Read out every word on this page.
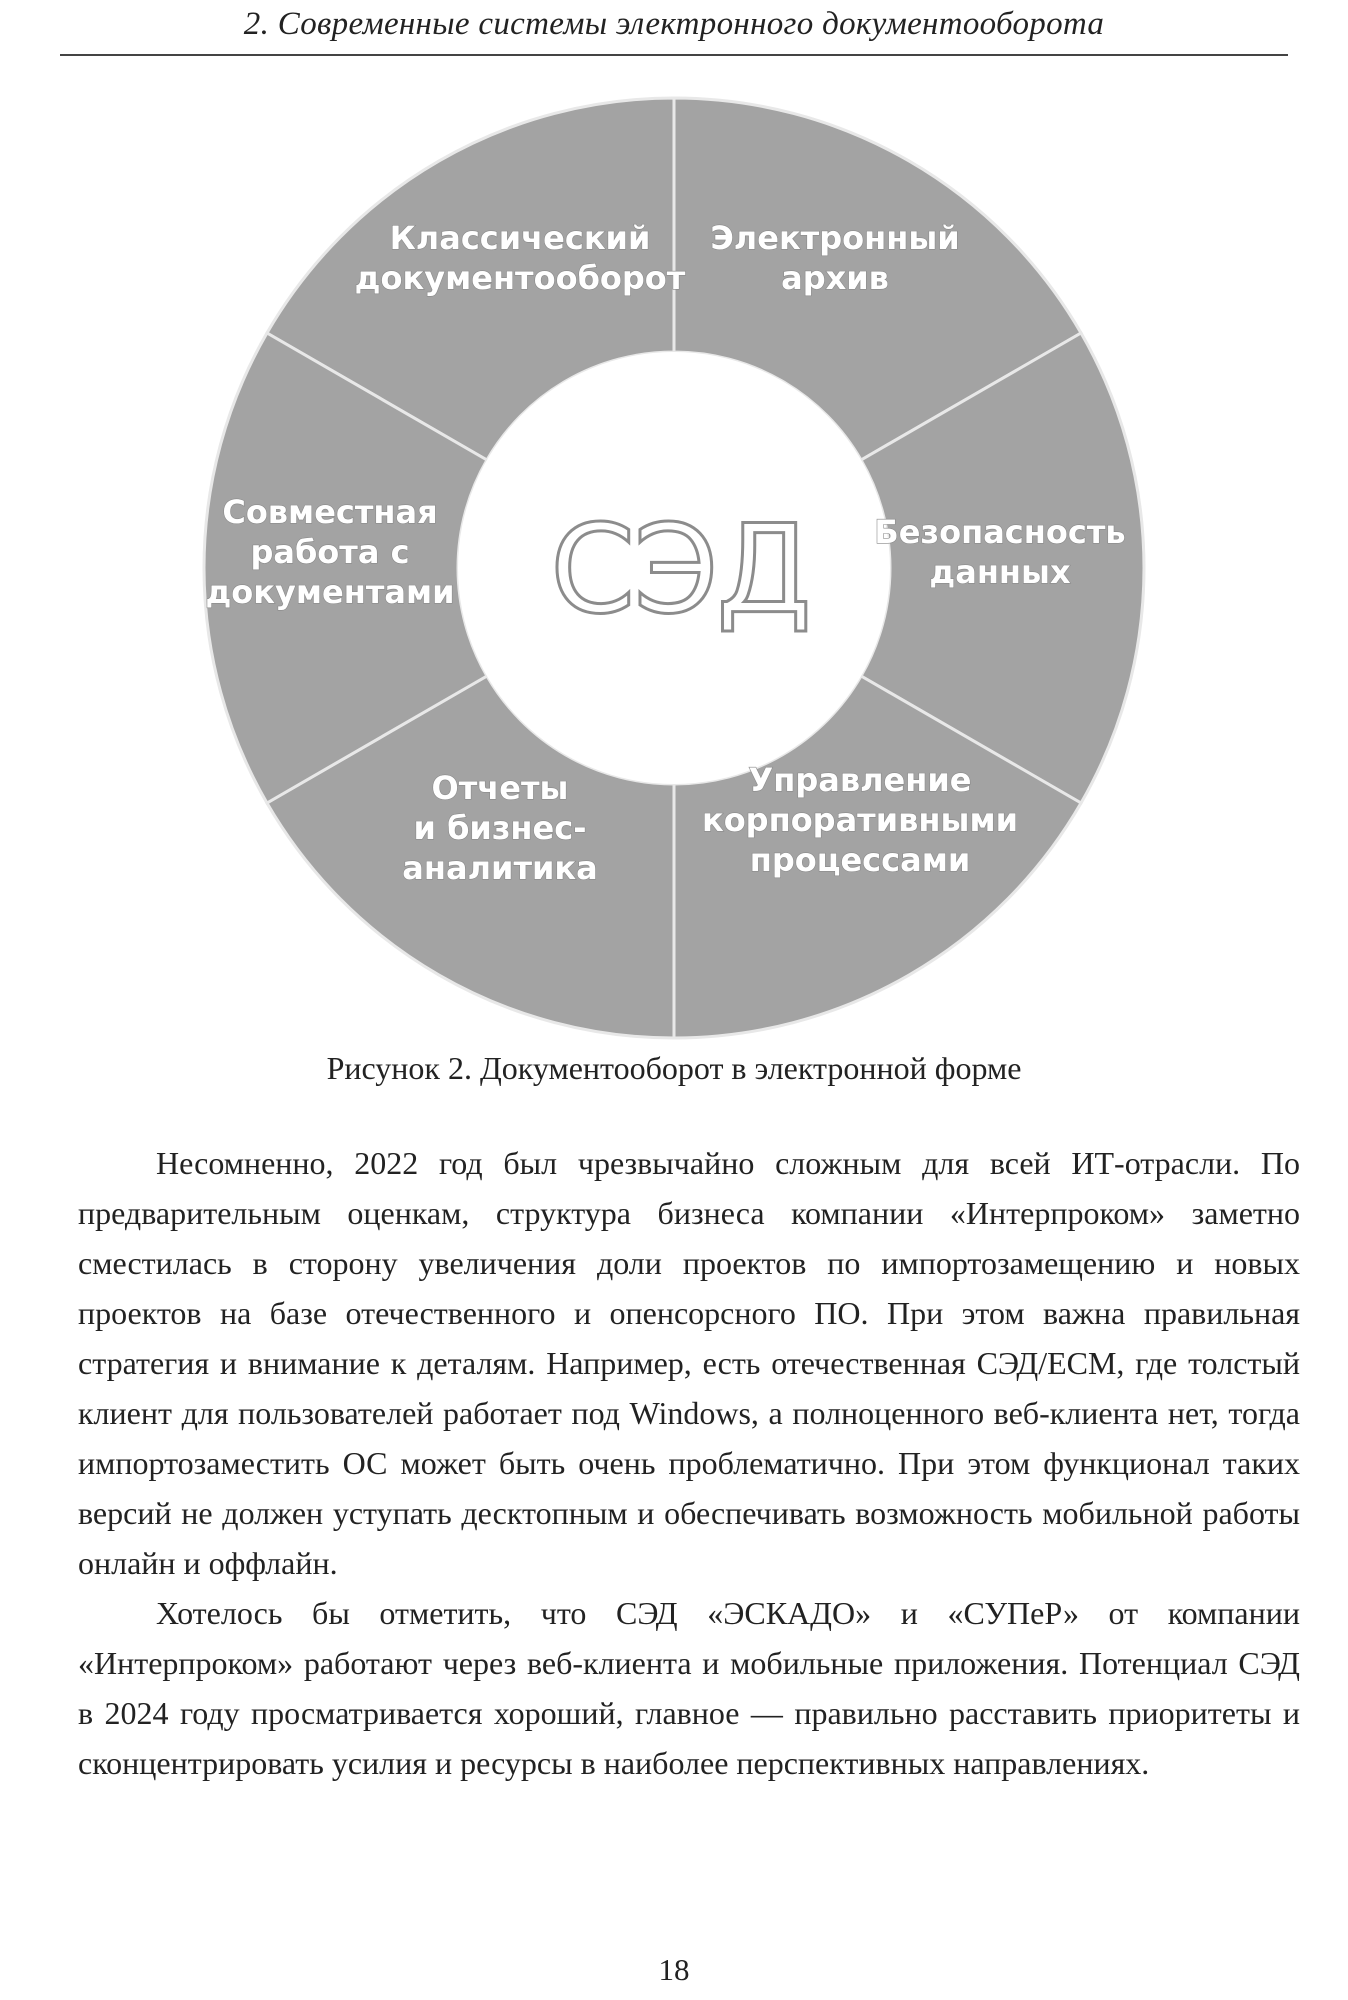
2. Современные системы электронного документооборота
СЭД
Классический документооборот
Электронный архив
Безопасность данных
Управление корпоративными процессами
Отчеты и бизнес-аналитика
Совместная работа с документами
Рисунок 2. Документооборот в электронной форме

Несомненно, 2022 год был чрезвычайно сложным для всей ИТ-отрасли. По предварительным оценкам, структура бизнеса компании «Интерпроком» заметно сместилась в сторону увеличения доли проектов по импортозамещению и новых проектов на базе отечественного и опенсорсного ПО. При этом важна правильная стратегия и внимание к деталям. Например, есть отечественная СЭД/ЕСМ, где толстый клиент для пользователей работает под Windows, а полноценного веб-клиента нет, тогда импортозаместить ОС может быть очень проблематично. При этом функционал таких версий не должен уступать десктопным и обеспечивать возможность мобильной работы онлайн и оффлайн.

Хотелось бы отметить, что СЭД «ЭСКАДО» и «СУПеР» от компании «Интерпроком» работают через веб-клиента и мобильные приложения. Потенциал СЭД в 2024 году просматривается хороший, главное — правильно расставить приоритеты и сконцентрировать усилия и ресурсы в наиболее перспективных направлениях.

18
